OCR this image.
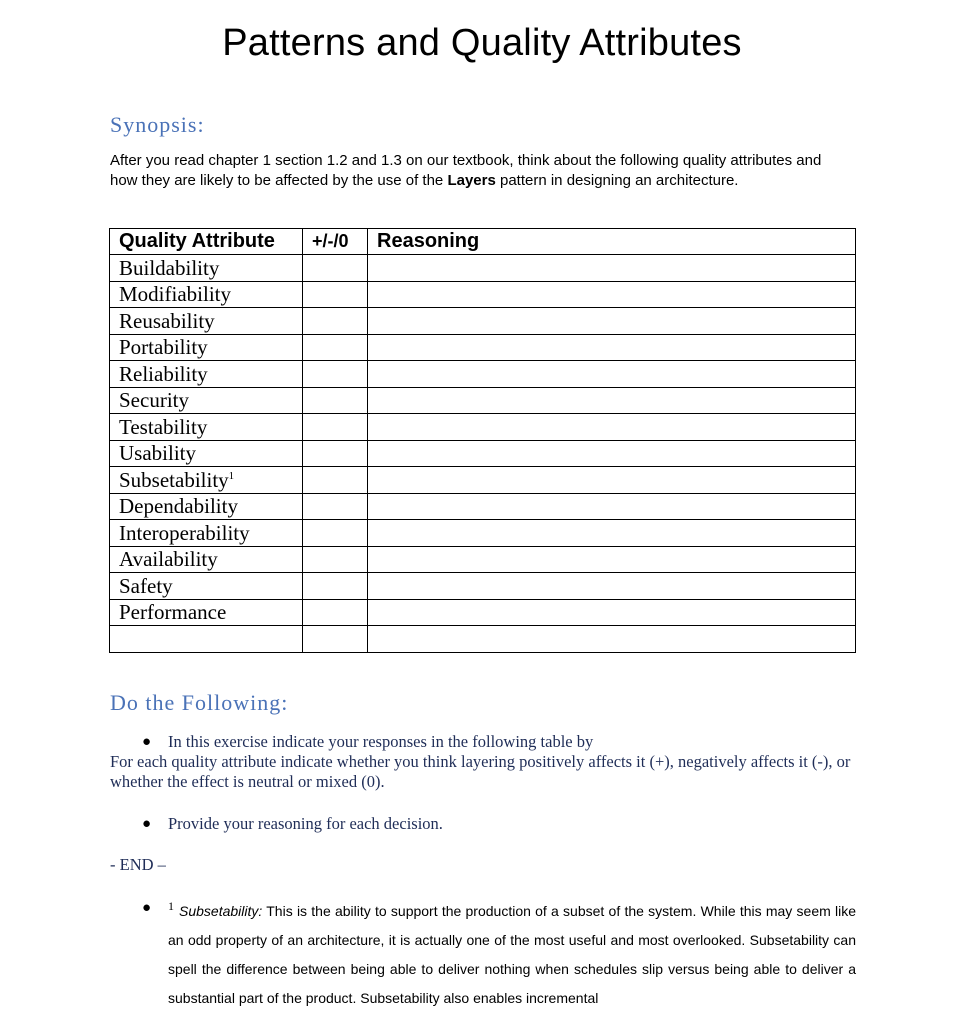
Patterns and Quality Attributes
Synopsis:

After you read chapter 1 section 1.2 and 1.3 on our textbook, think about the following quality attributes and how they are likely to be affected by the use of the Layers pattern in designing an architecture.

Quality Attribute	+/-/0	Reasoning
Buildability		
Modifiability		
Reusability		
Portability		
Reliability		
Security		
Testability		
Usability		
Subsetability$^1$		
Dependability		
Interoperability		
Availability		
Safety		
Performance		

Do the Following:
● In this exercise indicate your responses in the following table by

For each quality attribute indicate whether you think layering positively affects it (+), negatively affects it (-), or whether the effect is neutral or mixed (0).

● Provide your reasoning for each decision.

- END –

● 1 Subsetability: This is the ability to support the production of a subset of the system. While this may seem like an odd property of an architecture, it is actually one of the most useful and most overlooked. Subsetability can spell the difference between being able to deliver nothing when schedules slip versus being able to deliver a substantial part of the product. Subsetability also enables incremental
